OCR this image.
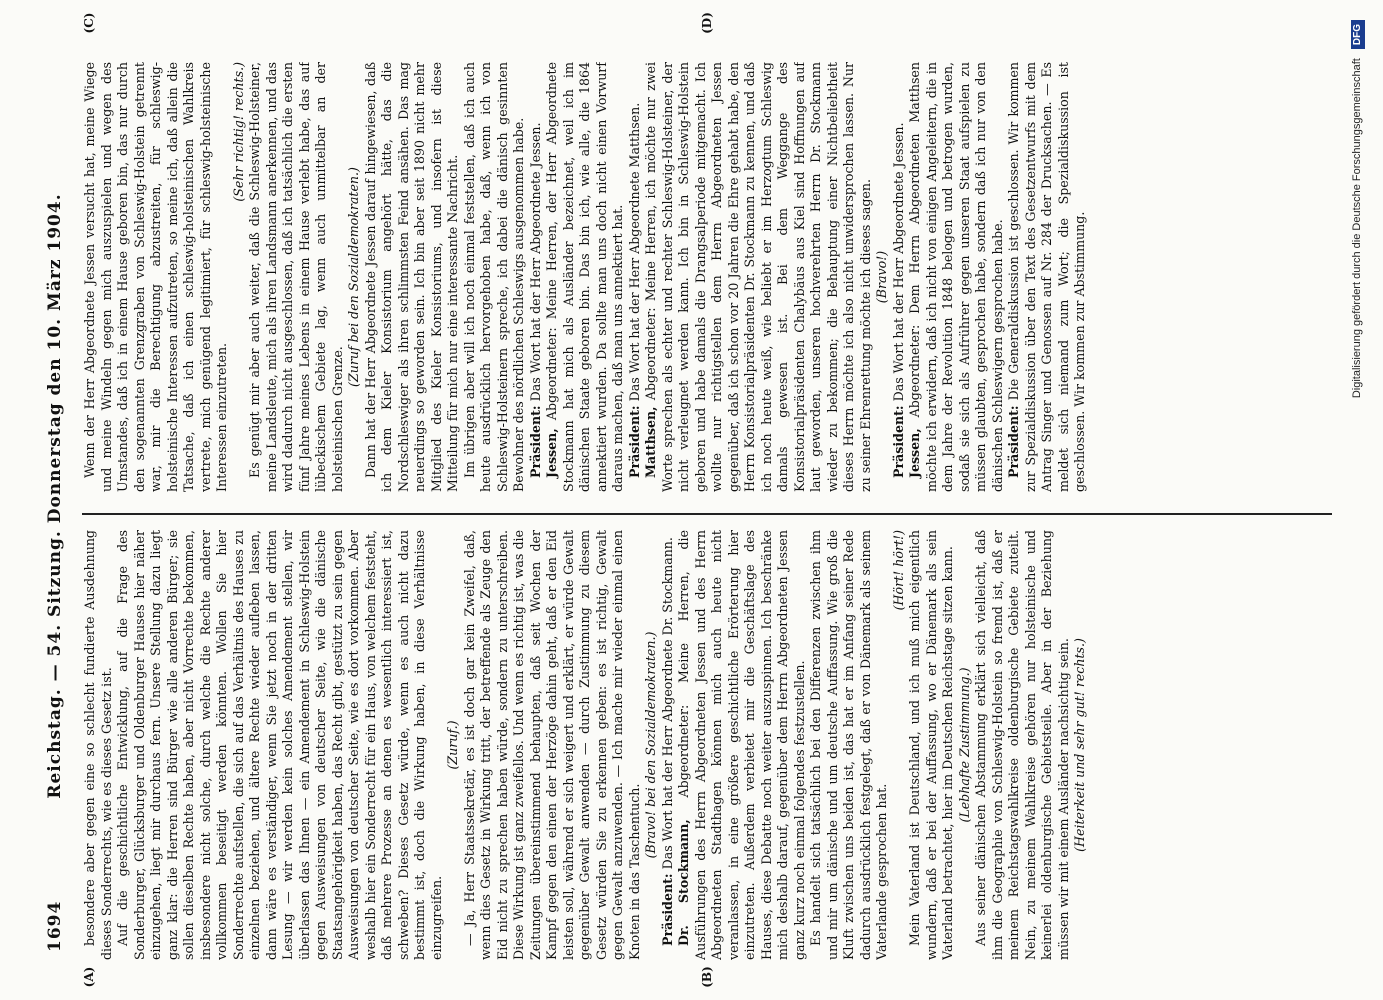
1694
Reichstag. — 54. Sitzung. Donnerstag den 10. März 1904.
(A)	(B)
(C)	(D)

besondere aber gegen eine so schlecht fundierte Ausdehnung dieses Sonderrechts, wie es dieses Gesetz ist. Auf die geschichtliche Entwicklung, auf die Frage des Sonderburger, Glücksburger und Oldenburger Hauses hier näher einzugehen, liegt mir durchaus fern. Unsere Stellung dazu liegt ganz klar: die Herren sind Bürger wie alle anderen Bürger; sie sollen dieselben Rechte haben, aber nicht Vorrechte bekommen, insbesondere nicht solche, durch welche die Rechte anderer vollkommen beseitigt werden könnten. Wollen Sie hier Sonderrechte aufstellen, die sich auf das Verhältnis des Hauses zu einzelnen beziehen, und ältere Rechte wieder aufleben lassen, dann wäre es verständiger, wenn Sie jetzt noch in der dritten Lesung — wir werden kein solches Amendement stellen, wir überlassen das Ihnen — ein Amendement in Schleswig-Holstein gegen Ausweisungen von deutscher Seite, wie die dänische Staatsangehörigkeit haben, das Recht gibt, gestützt zu sein gegen Ausweisungen von deutscher Seite, wie es dort vorkommen. Aber weshalb hier ein Sonderrecht für ein Haus, von welchem feststeht, daß mehrere Prozesse an denen es wesentlich interessiert ist, schweben? Dieses Gesetz würde, wenn es auch nicht dazu bestimmt ist, doch die Wirkung haben, in diese Verhältnisse einzugreifen.

(Zuruf.) — Ja, Herr Staatssekretär, es ist doch gar kein Zweifel, daß, wenn dies Gesetz in Wirkung tritt, der betreffende als Zeuge den Eid nicht zu sprechen haben würde, sondern zu unterschreiben. Diese Wirkung ist ganz zweifellos. Und wenn es richtig ist, was die Zeitungen übereinstimmend behaupten, daß seit Wochen der Kampf gegen den einen der Herzöge dahin geht, daß er den Eid leisten soll, während er sich weigert und erklärt, er würde Gewalt gegenüber Gewalt anwenden — durch Zustimmung zu diesem Gesetz würden Sie zu erkennen geben: es ist richtig, Gewalt gegen Gewalt anzuwenden. — Ich mache mir wieder einmal einen Knoten in das Taschentuch.

(Bravo! bei den Sozialdemokraten.)

Präsident: Das Wort hat der Herr Abgeordnete Dr. Stockmann.

Dr. Stockmann, Abgeordneter: Meine Herren, die Ausführungen des Herrn Abgeordneten Jessen und des Herrn Abgeordneten Stadthagen können mich auch heute nicht veranlassen, in eine größere geschichtliche Erörterung hier einzutreten. Außerdem verbietet mir die Geschäftslage des Hauses, diese Debatte noch weiter auszuspinnen. Ich beschränke mich deshalb darauf, gegenüber dem Herrn Abgeordneten Jessen ganz kurz noch einmal folgendes festzustellen. Es handelt sich tatsächlich bei den Differenzen zwischen ihm und mir um dänische und um deutsche Auffassung. Wie groß die Kluft zwischen uns beiden ist, das hat er im Anfang seiner Rede dadurch ausdrücklich festgelegt, daß er von Dänemark als seinem Vaterlande gesprochen hat.

(Hört! hört!) Mein Vaterland ist Deutschland, und ich muß mich eigentlich wundern, daß er bei der Auffassung, wo er Dänemark als sein Vaterland betrachtet, hier im Deutschen Reichstage sitzen kann. (Lebhafte Zustimmung.) Aus seiner dänischen Abstammung erklärt sich vielleicht, daß ihm die Geographie von Schleswig-Holstein so fremd ist, daß er meinem Reichstagswahlkreise oldenburgische Gebiete zuteilt. Nein, zu meinem Wahlkreise gehören nur holsteinische und keinerlei oldenburgische Gebietsteile. Aber in der Beziehung müssen wir mit einem Ausländer nachsichtig sein. (Heiterkeit und sehr gut! rechts.)

Wenn der Herr Abgeordnete Jessen versucht hat, meine Wiege und meine Windeln gegen mich auszuspielen und wegen des Umstandes, daß ich in einem Hause geboren bin, das nur durch den sogenannten Grenzgraben von Schleswig-Holstein getrennt war, mir die Berechtigung abzustreiten, für schleswig-holsteinische Interessen aufzutreten, so meine ich, daß allein die Tatsache, daß ich einen schleswig-holsteinischen Wahlkreis vertrete, mich genügend legitimiert, für schleswig-holsteinische Interessen einzutreten.

(Sehr richtig! rechts.) Es genügt mir aber auch weiter, daß die Schleswig-Holsteiner, meine Landsleute, mich als ihren Landsmann anerkennen, und das wird dadurch nicht ausgeschlossen, daß ich tatsächlich die ersten fünf Jahre meines Lebens in einem Hause verlebt habe, das auf lübeckischem Gebiete lag, wenn auch unmittelbar an der holsteinischen Grenze.

(Zuruf bei den Sozialdemokraten.) Dann hat der Herr Abgeordnete Jessen darauf hingewiesen, daß ich dem Kieler Konsistorium angehört hätte, das die Nordschleswiger als ihren schlimmsten Feind ansähen. Das mag neuerdings so geworden sein. Ich bin aber seit 1890 nicht mehr Mitglied des Kieler Konsistoriums, und insofern ist diese Mitteilung für mich nur eine interessante Nachricht. Im übrigen aber will ich noch einmal feststellen, daß ich auch heute ausdrücklich hervorgehoben habe, daß, wenn ich von Schleswig-Holsteinern spreche, ich dabei die dänisch gesinnten Bewohner des nördlichen Schleswigs ausgenommen habe. Präsident: Das Wort hat der Herr Abgeordnete Jessen.

Jessen, Abgeordneter: Meine Herren, der Herr Abgeordnete Stockmann hat mich als Ausländer bezeichnet, weil ich im dänischen Staate geboren bin. Das bin ich, wie alle, die 1864 annektiert wurden. Da sollte man uns doch nicht einen Vorwurf daraus machen, daß man uns annektiert hat. Präsident: Das Wort hat der Herr Abgeordnete Matthsen.

Matthsen, Abgeordneter: Meine Herren, ich möchte nur zwei Worte sprechen als echter und rechter Schleswig-Holsteiner, der nicht verleugnet werden kann. Ich bin in Schleswig-Holstein geboren und habe damals die Drangsalperiode mitgemacht. Ich wollte nur richtigstellen dem Herrn Abgeordneten Jessen gegenüber, daß ich schon vor 20 Jahren die Ehre gehabt habe, den Herrn Konsistorialpräsidenten Dr. Stockmann zu kennen, und daß ich noch heute weiß, wie beliebt er im Herzogtum Schleswig damals gewesen ist. Bei dem Weggange des Konsistorialpräsidenten Chalybäus aus Kiel sind Hoffnungen auf laut geworden, unseren hochverehrten Herrn Dr. Stockmann wieder zu bekommen; die Behauptung einer Nichtbeliebtheit dieses Herrn möchte ich also nicht unwidersprochen lassen. Nur zu seiner Ehrenrettung möchte ich dieses sagen. (Bravo!)

Präsident: Das Wort hat der Herr Abgeordnete Jessen.

Jessen, Abgeordneter: Dem Herrn Abgeordneten Matthsen möchte ich erwidern, daß ich nicht von einigen Angeleitern, die in dem Jahre der Revolution 1848 belogen und betrogen wurden, sodaß sie sich als Aufrührer gegen unseren Staat aufspielen zu müssen glaubten, gesprochen habe, sondern daß ich nur von den dänischen Schleswigern gesprochen habe. Präsident: Die Generaldiskussion ist geschlossen. Wir kommen zur Spezialdiskussion über den Text des Gesetzentwurfs mit dem Antrag Singer und Genossen auf Nr. 284 der Drucksachen. — Es meldet sich niemand zum Wort; die Spezialdiskussion ist geschlossen. Wir kommen zur Abstimmung.	Digitalisierung gefördert durch die Deutsche Forschungsgemeinschaft DFG
